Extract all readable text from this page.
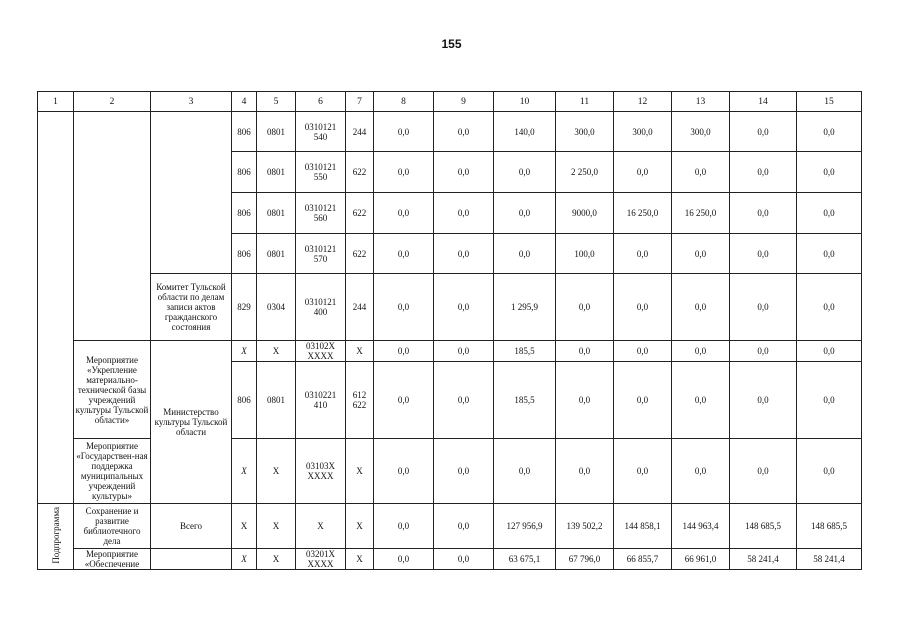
155
1	2	3	4	5	6	7	8	9	10	11	12	13	14	15
			806	0801	0310121 540	244	0,0	0,0	140,0	300,0	300,0	300,0	0,0	0,0
			806	0801	0310121 550	622	0,0	0,0	0,0	2 250,0	0,0	0,0	0,0	0,0
			806	0801	0310121 560	622	0,0	0,0	0,0	9000,0	16 250,0	16 250,0	0,0	0,0
			806	0801	0310121 570	622	0,0	0,0	0,0	100,0	0,0	0,0	0,0	0,0
		Комитет Тульской области по делам записи актов гражданского состояния	829	0304	0310121 400	244	0,0	0,0	1 295,9	0,0	0,0	0,0	0,0	0,0
	Мероприятие «Укрепление материально-технической базы учреждений культуры Тульской области»	Министерство культуры Тульской области	X	X	03102X XXXX	X	0,0	0,0	185,5	0,0	0,0	0,0	0,0	0,0
			806	0801	0310221 410	612 622	0,0	0,0	185,5	0,0	0,0	0,0	0,0	0,0
	Мероприятие «Государствен-ная поддержка муниципальных учреждений культуры»		X	X	03103X XXXX	X	0,0	0,0	0,0	0,0	0,0	0,0	0,0	0,0
Подпрограмма	Сохранение и развитие библиотечного дела	Всего	X	X	X	X	0,0	0,0	127 956,9	139 502,2	144 858,1	144 963,4	148 685,5	148 685,5
	Мероприятие «Обеспечение		X	X	03201X XXXX	X	0,0	0,0	63 675,1	67 796,0	66 855,7	66 961,0	58 241,4	58 241,4
